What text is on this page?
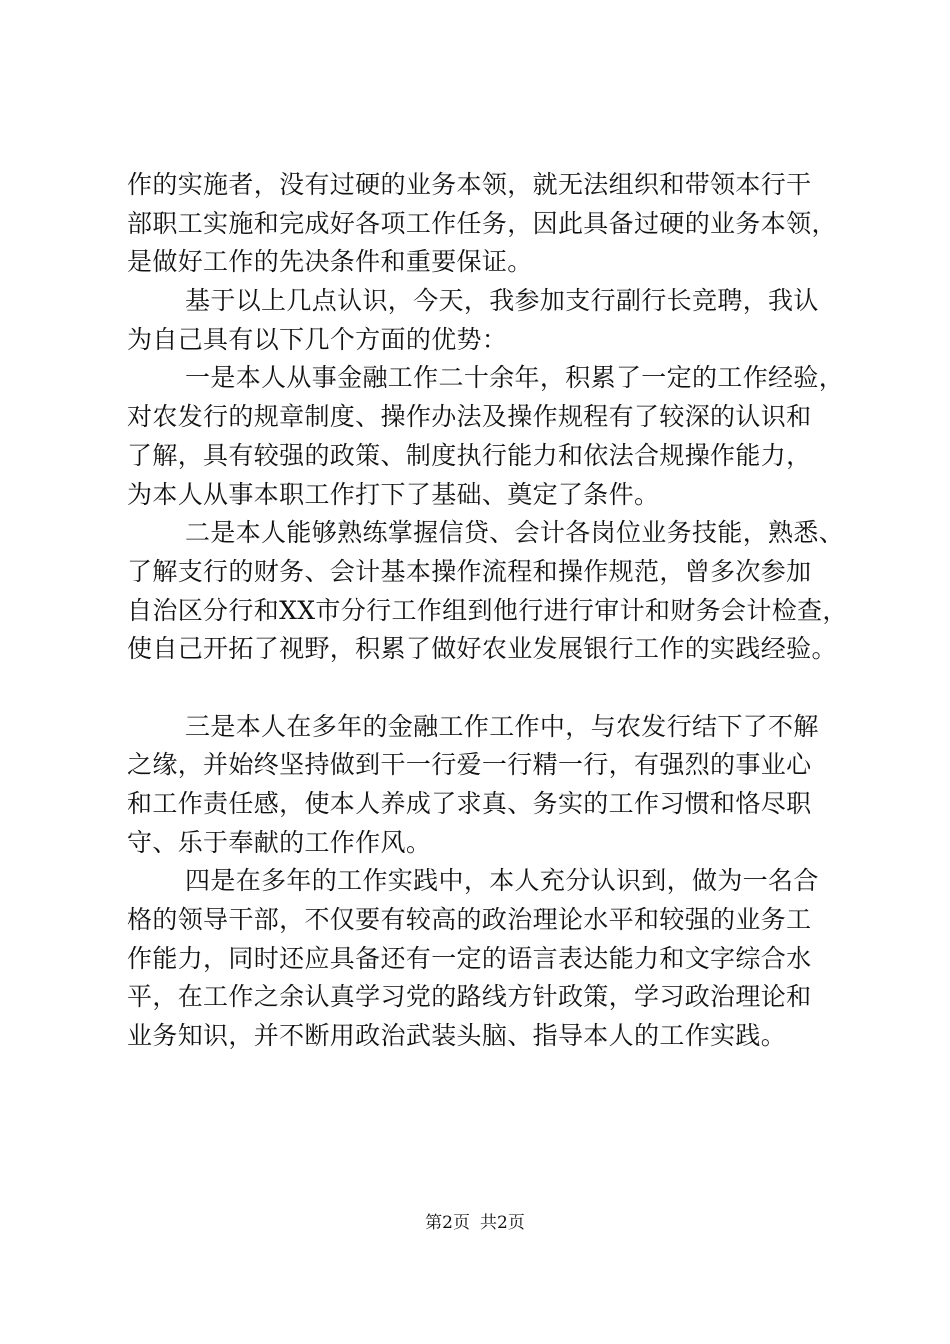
作的实施者，没有过硬的业务本领，就无法组织和带领本行干
部职工实施和完成好各项工作任务，因此具备过硬的业务本领，
是做好工作的先决条件和重要保证。
基于以上几点认识，今天，我参加支行副行长竞聘，我认
为自己具有以下几个方面的优势：
一是本人从事金融工作二十余年，积累了一定的工作经验，
对农发行的规章制度、操作办法及操作规程有了较深的认识和
了解，具有较强的政策、制度执行能力和依法合规操作能力，
为本人从事本职工作打下了基础、奠定了条件。
二是本人能够熟练掌握信贷、会计各岗位业务技能，熟悉、
了解支行的财务、会计基本操作流程和操作规范，曾多次参加
自治区分行和XX市分行工作组到他行进行审计和财务会计检查，
使自己开拓了视野，积累了做好农业发展银行工作的实践经验。
三是本人在多年的金融工作工作中，与农发行结下了不解
之缘，并始终坚持做到干一行爱一行精一行，有强烈的事业心
和工作责任感，使本人养成了求真、务实的工作习惯和恪尽职
守、乐于奉献的工作作风。
四是在多年的工作实践中，本人充分认识到，做为一名合
格的领导干部，不仅要有较高的政治理论水平和较强的业务工
作能力，同时还应具备还有一定的语言表达能力和文字综合水
平，在工作之余认真学习党的路线方针政策，学习政治理论和
业务知识，并不断用政治武装头脑、指导本人的工作实践。
第2页 共2页
